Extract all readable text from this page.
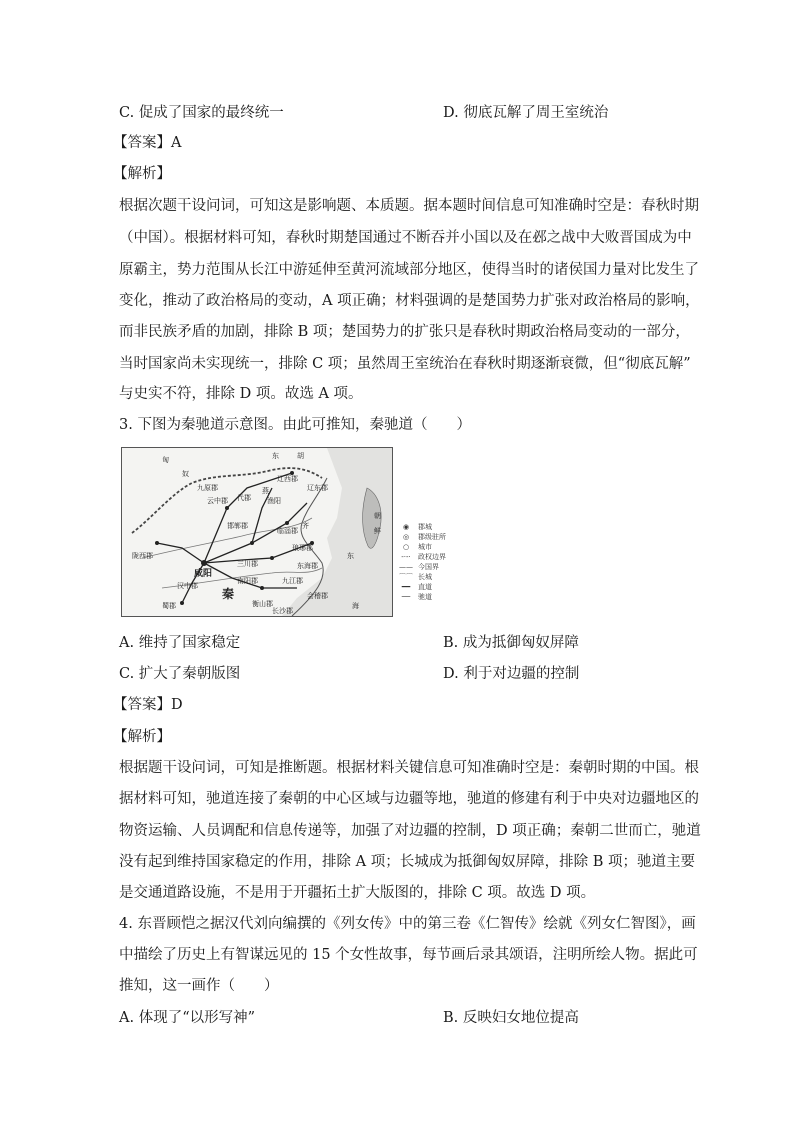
C. 促成了国家的最终统一	D. 彻底瓦解了周王室统治
【答案】A
【解析】
根据次题干设问词，可知这是影响题、本质题。据本题时间信息可知准确时空是：春秋时期
（中国）。根据材料可知，春秋时期楚国通过不断吞并小国以及在邲之战中大败晋国成为中
原霸主，势力范围从长江中游延伸至黄河流域部分地区，使得当时的诸侯国力量对比发生了
变化，推动了政治格局的变动，A 项正确；材料强调的是楚国势力扩张对政治格局的影响，
而非民族矛盾的加剧，排除 B 项；楚国势力的扩张只是春秋时期政治格局变动的一部分，
当时国家尚未实现统一，排除 C 项；虽然周王室统治在春秋时期逐渐衰微，但“彻底瓦解”
与史实不符，排除 D 项。故选 A 项。
3. 下图为秦驰道示意图。由此可推知，秦驰道（　　）
匈
奴
东	胡
九原郡
辽西郡
辽东郡
代郡
云中郡	渔阳
邯郸郡
临淄郡
琅琊郡
陇西郡
咸阳
三川郡	东海郡
汉中郡
南阳郡	九江郡
会稽郡
蜀郡
秦
衡山郡
长沙郡
朝
鲜
东
海
燕
齐	◉	郡城
◎	郡级驻所
○	城市
-·-·	政权边界
—— 今国界
⌒⌒ 长城
━━	直道
──	驰道
A. 维持了国家稳定	B. 成为抵御匈奴屏障
C. 扩大了秦朝版图	D. 利于对边疆的控制
【答案】D
【解析】
根据题干设问词，可知是推断题。根据材料关键信息可知准确时空是：秦朝时期的中国。根
据材料可知，驰道连接了秦朝的中心区域与边疆等地，驰道的修建有利于中央对边疆地区的
物资运输、人员调配和信息传递等，加强了对边疆的控制，D 项正确；秦朝二世而亡，驰道
没有起到维持国家稳定的作用，排除 A 项；长城成为抵御匈奴屏障，排除 B 项；驰道主要
是交通道路设施，不是用于开疆拓土扩大版图的，排除 C 项。故选 D 项。
4. 东晋顾恺之据汉代刘向编撰的《列女传》中的第三卷《仁智传》绘就《列女仁智图》，画
中描绘了历史上有智谋远见的 15 个女性故事，每节画后录其颂语，注明所绘人物。据此可
推知，这一画作（　　）
A. 体现了“以形写神”	B. 反映妇女地位提高
